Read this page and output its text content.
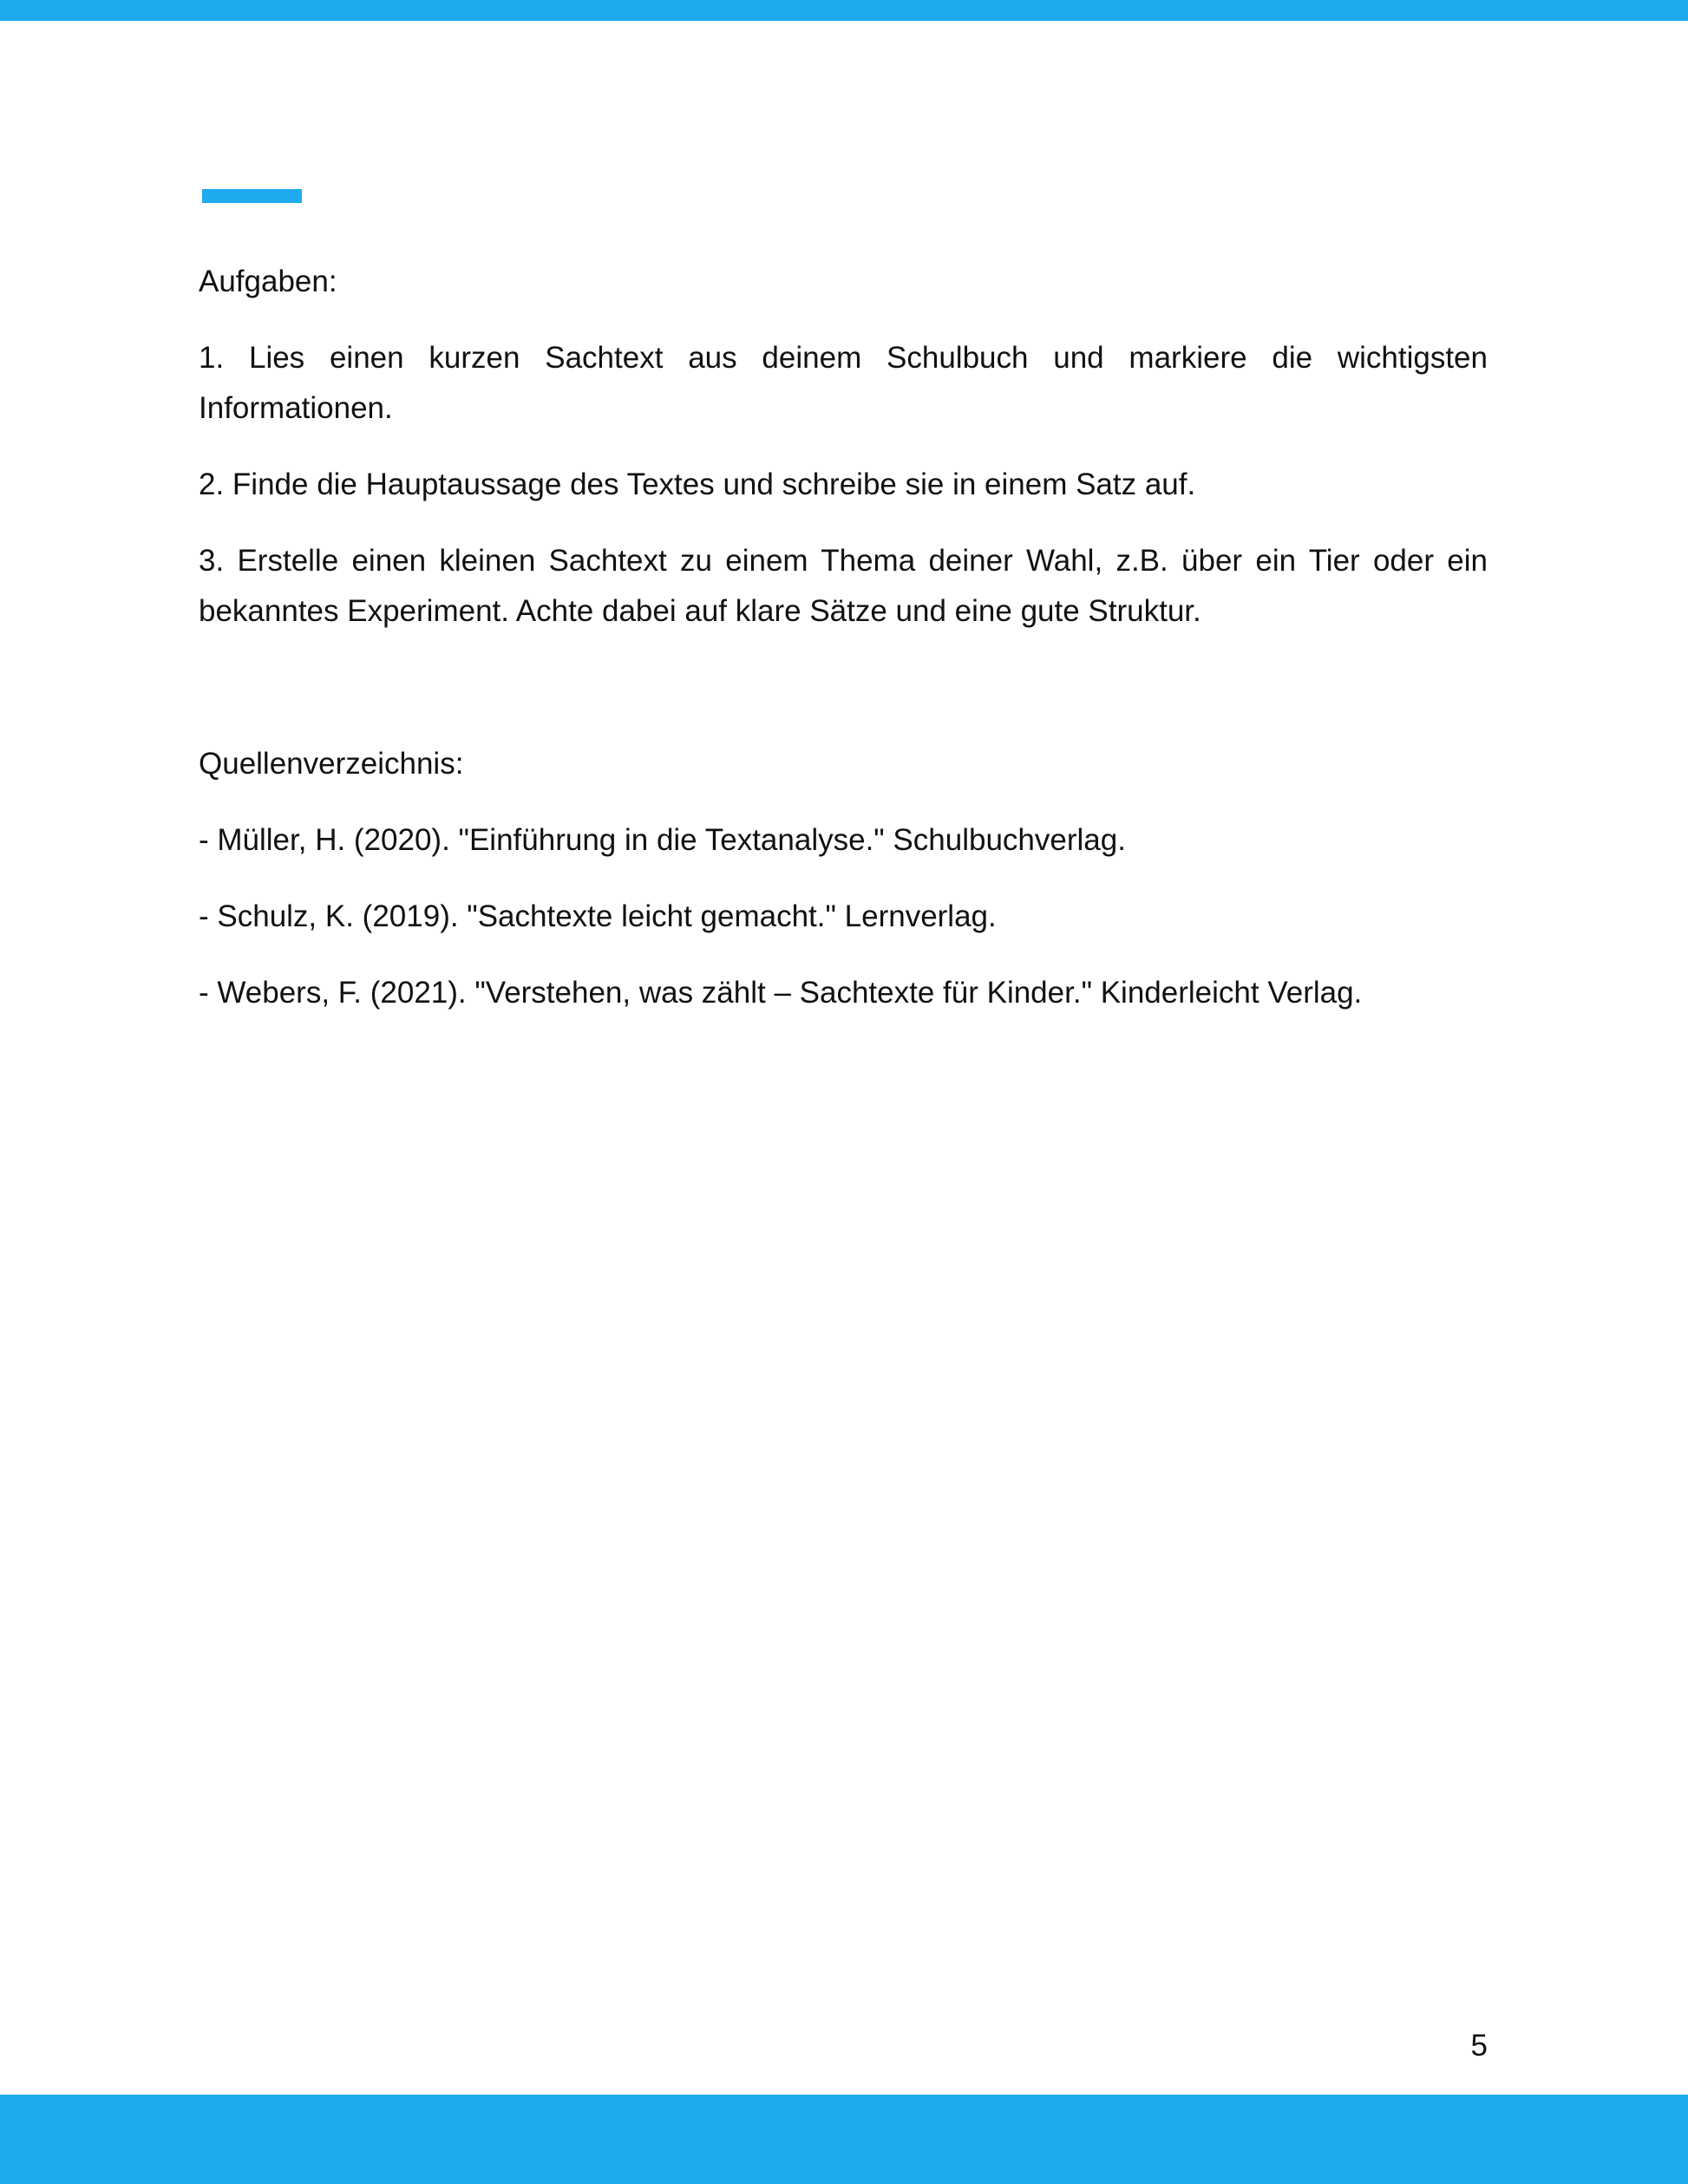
Aufgaben:

1. Lies einen kurzen Sachtext aus deinem Schulbuch und markiere die wichtigsten Informationen.

2. Finde die Hauptaussage des Textes und schreibe sie in einem Satz auf.

3. Erstelle einen kleinen Sachtext zu einem Thema deiner Wahl, z.B. über ein Tier oder ein bekanntes Experiment. Achte dabei auf klare Sätze und eine gute Struktur.

Quellenverzeichnis:

- Müller, H. (2020). "Einführung in die Textanalyse." Schulbuchverlag.

- Schulz, K. (2019). "Sachtexte leicht gemacht." Lernverlag.

- Webers, F. (2021). "Verstehen, was zählt – Sachtexte für Kinder." Kinderleicht Verlag.

5
